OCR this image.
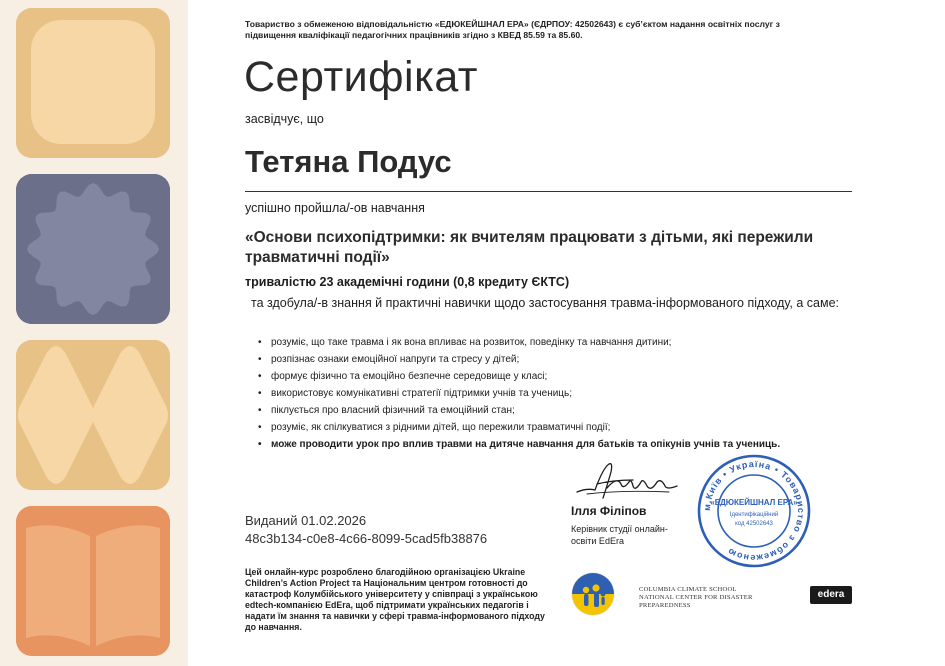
Товариство з обмеженою відповідальністю «ЕДЮКЕЙШНАЛ ЕРА» (ЄДРПОУ: 42502643) є суб’єктом надання освітніх послуг з підвищення кваліфікації педагогічних працівників згідно з КВЕД 85.59 та 85.60.
Сертифікат
засвідчує, що
Тетяна Подус
успішно пройшла/-ов навчання
«Основи психопідтримки: як вчителям працювати з дітьми, які пережили травматичні події»
тривалістю 23 академічні години (0,8 кредиту ЄКТС)
та здобула/-в знання й практичні навички щодо застосування травма-інформованого підходу, а саме:
• розуміє, що таке травма і як вона впливає на розвиток, поведінку та навчання дитини;
• розпізнає ознаки емоційної напруги та стресу у дітей;
• формує фізично та емоційно безпечне середовище у класі;
• використовує комунікативні стратегії підтримки учнів та учениць;
• піклується про власний фізичний та емоційний стан;
• розуміє, як спілкуватися з рідними дітей, що пережили травматичні події;
• може проводити урок про вплив травми на дитяче навчання для батьків та опікунів учнів та учениць.
Виданий 01.02.2026
48c3b134-c0e8-4c66-8099-5cad5fb38876
Ілля Філіпов
Керівник студії онлайн-освіти EdEra
м.Київ • Україна • Товариство з обмеженою
«ЕДЮКЕЙШНАЛ ЕРА»
Ідентифікаційний
код 42502643
Цей онлайн-курс розроблено благодійною організацією Ukraine Children’s Action Project та Національним центром готовності до катастроф Колумбійського університету у співпраці з українською edtech-компанією EdEra, щоб підтримати українських педагогів і надати їм знання та навички у сфері травма-інформованого підходу до навчання.
COLUMBIA CLIMATE SCHOOL
NATIONAL CENTER FOR DISASTER PREPAREDNESS
edera
